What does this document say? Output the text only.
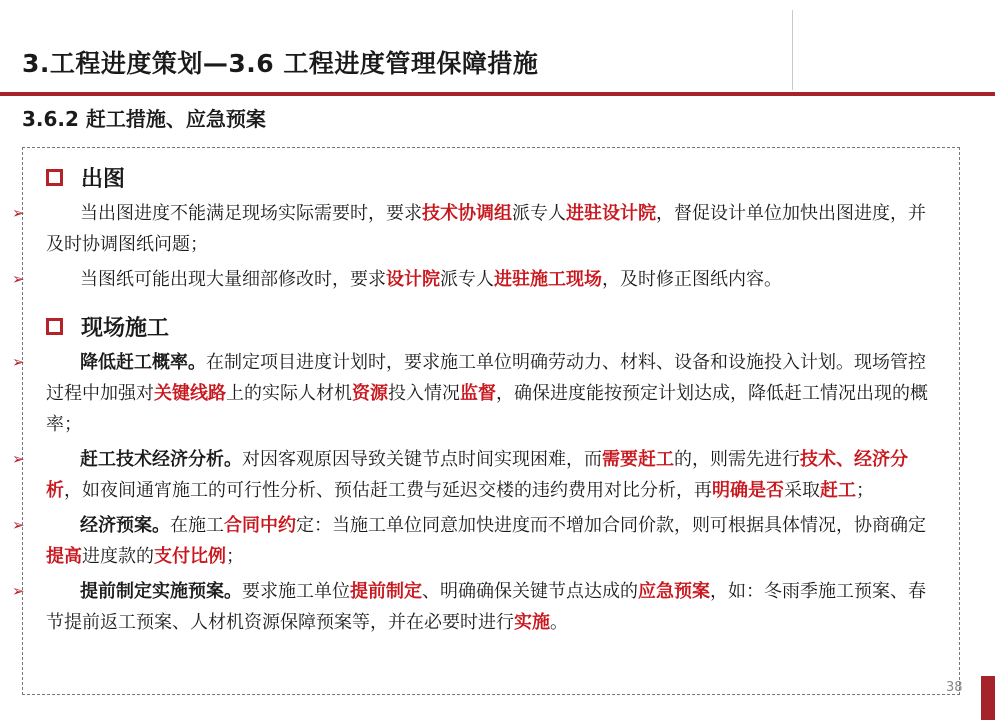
3.工程进度策划—3.6 工程进度管理保障措施
3.6.2 赶工措施、应急预案
出图
➢	当出图进度不能满足现场实际需要时，要求技术协调组派专人进驻设计院，督促设计单位加快出图进度，并及时协调图纸问题；
➢	当图纸可能出现大量细部修改时，要求设计院派专人进驻施工现场，及时修正图纸内容。
现场施工
➢	降低赶工概率。在制定项目进度计划时，要求施工单位明确劳动力、材料、设备和设施投入计划。现场管控过程中加强对关键线路上的实际人材机资源投入情况监督，确保进度能按预定计划达成，降低赶工情况出现的概率；
➢	赶工技术经济分析。对因客观原因导致关键节点时间实现困难，而需要赶工的，则需先进行技术、经济分析，如夜间通宵施工的可行性分析、预估赶工费与延迟交楼的违约费用对比分析，再明确是否采取赶工；
➢	经济预案。在施工合同中约定：当施工单位同意加快进度而不增加合同价款，则可根据具体情况，协商确定提高进度款的支付比例；
➢	提前制定实施预案。要求施工单位提前制定、明确确保关键节点达成的应急预案，如：冬雨季施工预案、春节提前返工预案、人材机资源保障预案等，并在必要时进行实施。
38
